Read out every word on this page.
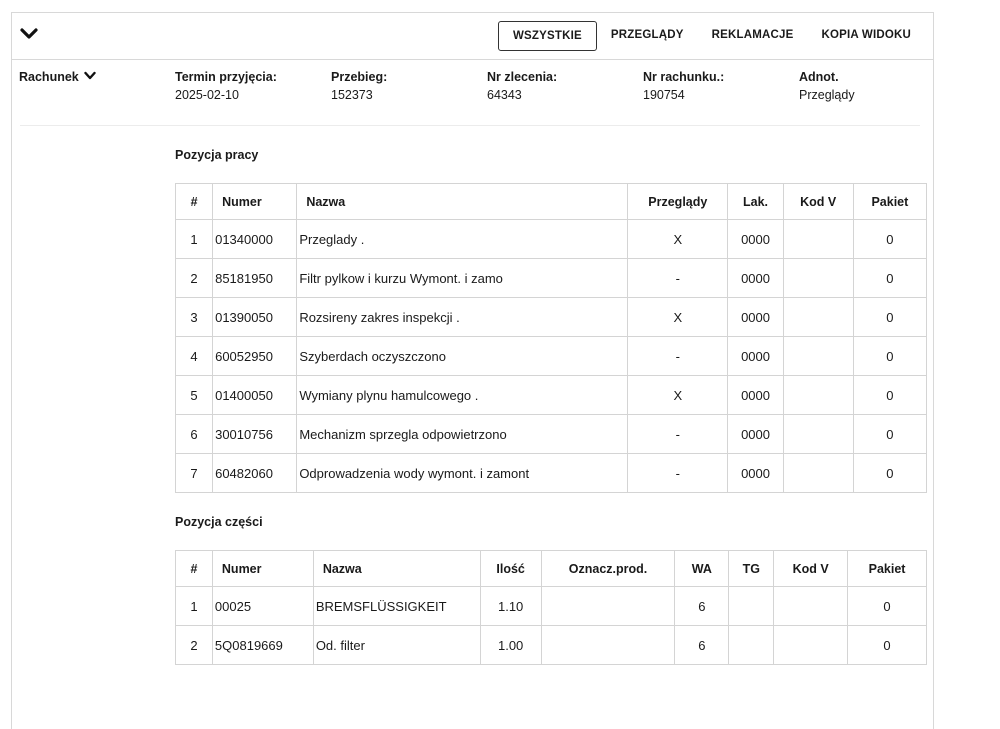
WSZYSTKIE	PRZEGLĄDY	REKLAMACJE	KOPIA WIDOKU
Rachunek	Termin przyjęcia:
2025-02-10
Przebieg:
152373
Nr zlecenia:
64343
Nr rachunku.:
190754
Adnot.
Przeglądy
Pozycja pracy
#	Numer	Nazwa	Przeglądy	Lak.	Kod V	Pakiet
1	01340000	Przeglady .	X	0000		0
2	85181950	Filtr pylkow i kurzu Wymont. i zamo	-	0000		0
3	01390050	Rozsireny zakres inspekcji .	X	0000		0
4	60052950	Szyberdach oczyszczono	-	0000		0
5	01400050	Wymiany plynu hamulcowego .	X	0000		0
6	30010756	Mechanizm sprzegla odpowietrzono	-	0000		0
7	60482060	Odprowadzenia wody wymont. i zamont	-	0000		0
Pozycja części
#	Numer	Nazwa	Ilość	Oznacz.prod.	WA	TG	Kod V	Pakiet
1	00025	BREMSFLÜSSIGKEIT	1.10		6			0
2	5Q0819669	Od. filter	1.00		6			0
